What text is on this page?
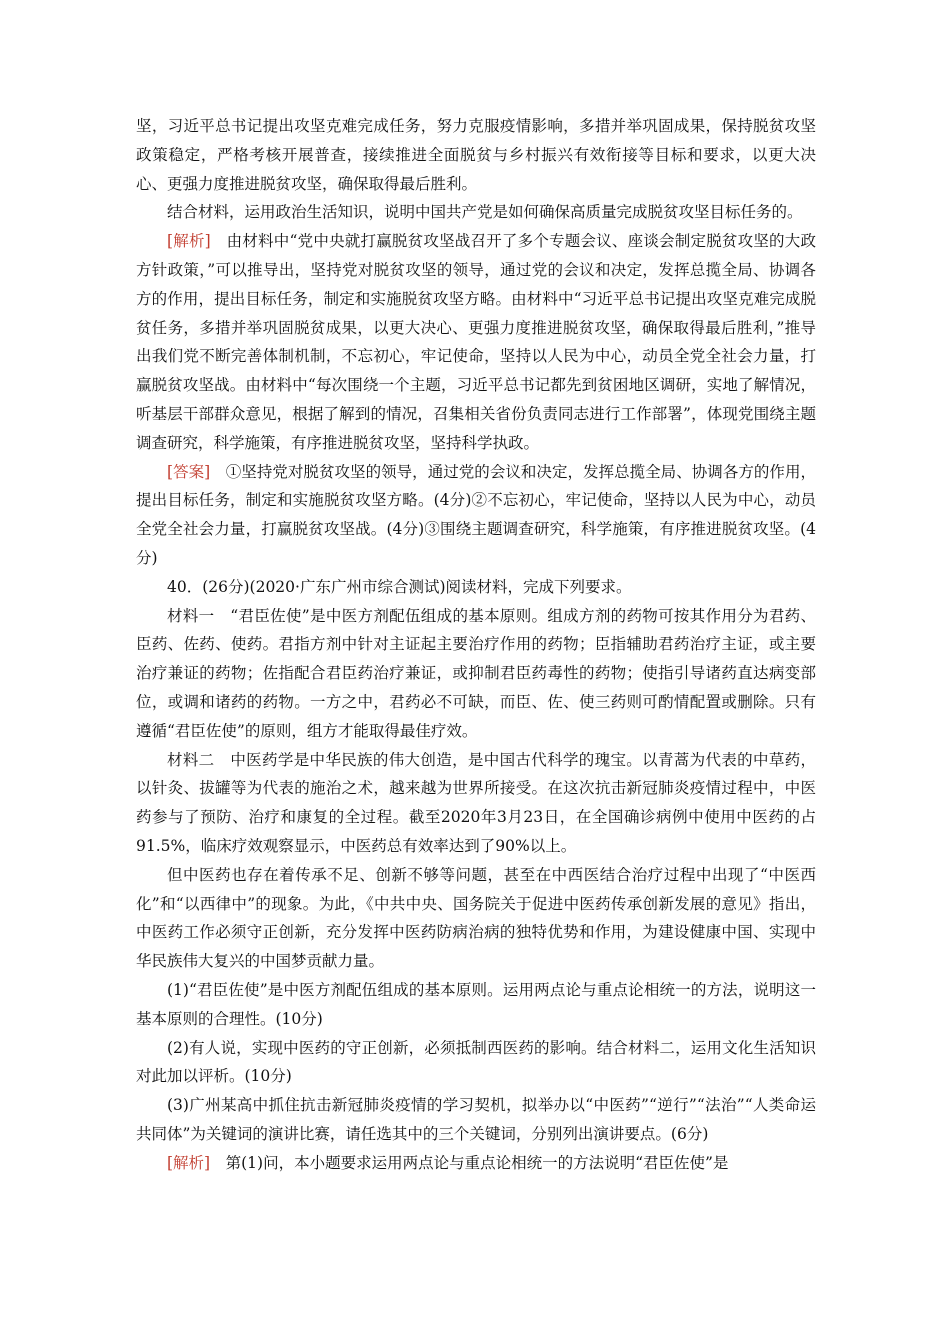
坚，习近平总书记提出攻坚克难完成任务，努力克服疫情影响，多措并举巩固成果，保持脱贫攻坚政策稳定，严格考核开展普查，接续推进全面脱贫与乡村振兴有效衔接等目标和要求，以更大决心、更强力度推进脱贫攻坚，确保取得最后胜利。

结合材料，运用政治生活知识，说明中国共产党是如何确保高质量完成脱贫攻坚目标任务的。

[解析]　由材料中“党中央就打赢脱贫攻坚战召开了多个专题会议、座谈会制定脱贫攻坚的大政方针政策，”可以推导出，坚持党对脱贫攻坚的领导，通过党的会议和决定，发挥总揽全局、协调各方的作用，提出目标任务，制定和实施脱贫攻坚方略。由材料中“习近平总书记提出攻坚克难完成脱贫任务，多措并举巩固脱贫成果，以更大决心、更强力度推进脱贫攻坚，确保取得最后胜利，”推导出我们党不断完善体制机制，不忘初心，牢记使命，坚持以人民为中心，动员全党全社会力量，打赢脱贫攻坚战。由材料中“每次围绕一个主题，习近平总书记都先到贫困地区调研，实地了解情况，听基层干部群众意见，根据了解到的情况，召集相关省份负责同志进行工作部署”，体现党围绕主题调查研究，科学施策，有序推进脱贫攻坚，坚持科学执政。

[答案]　①坚持党对脱贫攻坚的领导，通过党的会议和决定，发挥总揽全局、协调各方的作用，提出目标任务，制定和实施脱贫攻坚方略。(4分)②不忘初心，牢记使命，坚持以人民为中心，动员全党全社会力量，打赢脱贫攻坚战。(4分)③围绕主题调查研究，科学施策，有序推进脱贫攻坚。(4分)

40．(26分)(2020·广东广州市综合测试)阅读材料，完成下列要求。

材料一　“君臣佐使”是中医方剂配伍组成的基本原则。组成方剂的药物可按其作用分为君药、臣药、佐药、使药。君指方剂中针对主证起主要治疗作用的药物；臣指辅助君药治疗主证，或主要治疗兼证的药物；佐指配合君臣药治疗兼证，或抑制君臣药毒性的药物；使指引导诸药直达病变部位，或调和诸药的药物。一方之中，君药必不可缺，而臣、佐、使三药则可酌情配置或删除。只有遵循“君臣佐使”的原则，组方才能取得最佳疗效。

材料二　中医药学是中华民族的伟大创造，是中国古代科学的瑰宝。以青蒿为代表的中草药，以针灸、拔罐等为代表的施治之术，越来越为世界所接受。在这次抗击新冠肺炎疫情过程中，中医药参与了预防、治疗和康复的全过程。截至2020年3月23日，在全国确诊病例中使用中医药的占91.5%，临床疗效观察显示，中医药总有效率达到了90%以上。

但中医药也存在着传承不足、创新不够等问题，甚至在中西医结合治疗过程中出现了“中医西化”和“以西律中”的现象。为此，《中共中央、国务院关于促进中医药传承创新发展的意见》指出，中医药工作必须守正创新，充分发挥中医药防病治病的独特优势和作用，为建设健康中国、实现中华民族伟大复兴的中国梦贡献力量。

(1)“君臣佐使”是中医方剂配伍组成的基本原则。运用两点论与重点论相统一的方法，说明这一基本原则的合理性。(10分)

(2)有人说，实现中医药的守正创新，必须抵制西医药的影响。结合材料二，运用文化生活知识对此加以评析。(10分)

(3)广州某高中抓住抗击新冠肺炎疫情的学习契机，拟举办以“中医药”“逆行”“法治”“人类命运共同体”为关键词的演讲比赛，请任选其中的三个关键词，分别列出演讲要点。(6分)

[解析]　第(1)问，本小题要求运用两点论与重点论相统一的方法说明“君臣佐使”是
